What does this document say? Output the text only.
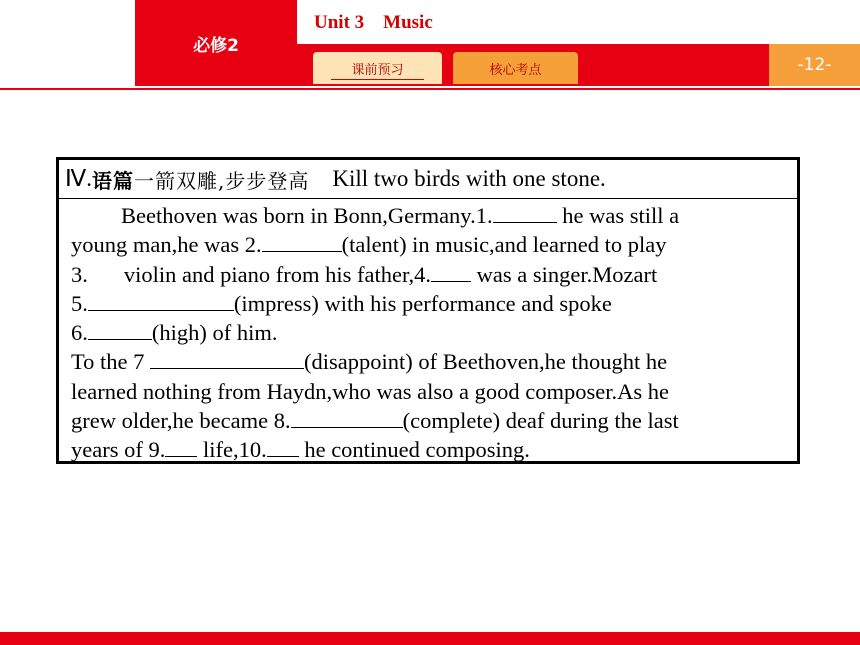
必修2
Unit 3    Music
课前预习	核心考点	-12-
Ⅳ. 语篇一箭双雕,步步登高
Kill two birds with one stone.
Beethoven was born in Bonn,Germany.1.	he was still a
young man,he was 2.	(talent) in music,and learned to play
3. violin and piano from his father,4. was a singer.Mozart
5.	(impress) with his performance and spoke
6.	(high) of him.
To the 7	(disappoint) of Beethoven,he thought he
learned nothing from Haydn,who was also a good composer.As he
grew older,he became 8.	(complete) deaf during the last
years of 9. life,10. he continued composing.
